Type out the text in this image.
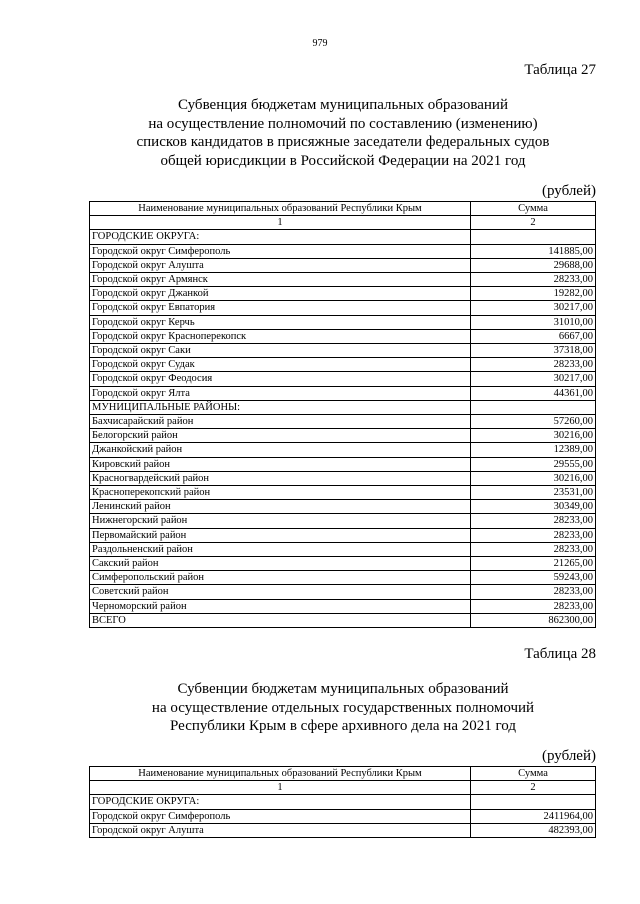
979
Таблица 27
Субвенция бюджетам муниципальных образований
на осуществление полномочий по составлению (изменению)
списков кандидатов в присяжные заседатели федеральных судов
общей юрисдикции в Российской Федерации на 2021 год
(рублей)
Наименование муниципальных образований Республики Крым	Сумма
1	2
ГОРОДСКИЕ ОКРУГА:	
Городской округ Симферополь	141885,00
Городской округ Алушта	29688,00
Городской округ Армянск	28233,00
Городской округ Джанкой	19282,00
Городской округ Евпатория	30217,00
Городской округ Керчь	31010,00
Городской округ Красноперекопск	6667,00
Городской округ Саки	37318,00
Городской округ Судак	28233,00
Городской округ Феодосия	30217,00
Городской округ Ялта	44361,00
МУНИЦИПАЛЬНЫЕ РАЙОНЫ:	
Бахчисарайский район	57260,00
Белогорский район	30216,00
Джанкойский район	12389,00
Кировский район	29555,00
Красногвардейский район	30216,00
Красноперекопский район	23531,00
Ленинский район	30349,00
Нижнегорский район	28233,00
Первомайский район	28233,00
Раздольненский район	28233,00
Сакский район	21265,00
Симферопольский район	59243,00
Советский район	28233,00
Черноморский район	28233,00
ВСЕГО	862300,00
Таблица 28
Субвенции бюджетам муниципальных образований
на осуществление отдельных государственных полномочий
Республики Крым в сфере архивного дела на 2021 год
(рублей)
Наименование муниципальных образований Республики Крым	Сумма
1	2
ГОРОДСКИЕ ОКРУГА:	
Городской округ Симферополь	2411964,00
Городской округ Алушта	482393,00
